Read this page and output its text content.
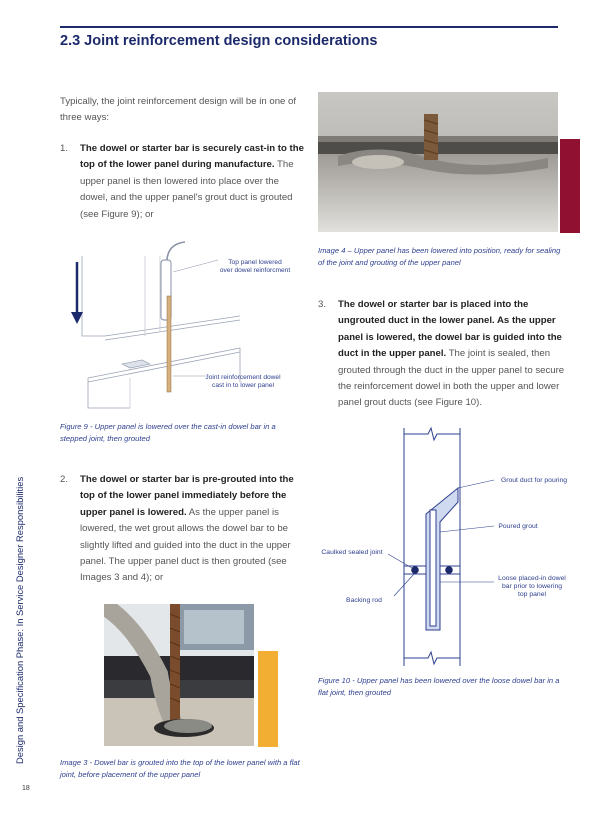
2.3 Joint reinforcement design considerations

Typically, the joint reinforcement design will be in one of three ways:

1. The dowel or starter bar is securely cast-in to the top of the lower panel during manufacture. The upper panel is then lowered into place over the dowel, and the upper panel's grout duct is grouted (see Figure 9); or

Top panel lowered
over dowel reinforcment
Joint reinforcement dowel
cast in to lower panel

Figure 9 - Upper panel is lowered over the cast-in dowel bar in a stepped joint, then grouted

2. The dowel or starter bar is pre-grouted into the top of the lower panel immediately before the upper panel is lowered. As the upper panel is lowered, the wet grout allows the dowel bar to be slightly lifted and guided into the duct in the upper panel. The upper panel duct is then grouted (see Images 3 and 4); or

Image 3 - Dowel bar is grouted into the top of the lower panel with a flat joint, before placement of the upper panel

Image 4 – Upper panel has been lowered into position, ready for sealing of the joint and grouting of the upper panel

3. The dowel or starter bar is placed into the ungrouted duct in the lower panel. As the upper panel is lowered, the dowel bar is guided into the duct in the upper panel. The joint is sealed, then grouted through the duct in the upper panel to secure the reinforcement dowel in both the upper and lower panel grout ducts (see Figure 10).

Grout duct for pouring
Poured grout
Caulked sealed joint
Backing rod
Loose placed-in dowel
bar prior to lowering
top panel

Figure 10 - Upper panel has been lowered over the loose dowel bar in a flat joint, then grouted

Design and Specification Phase: In Service Designer Responsibilities
18
